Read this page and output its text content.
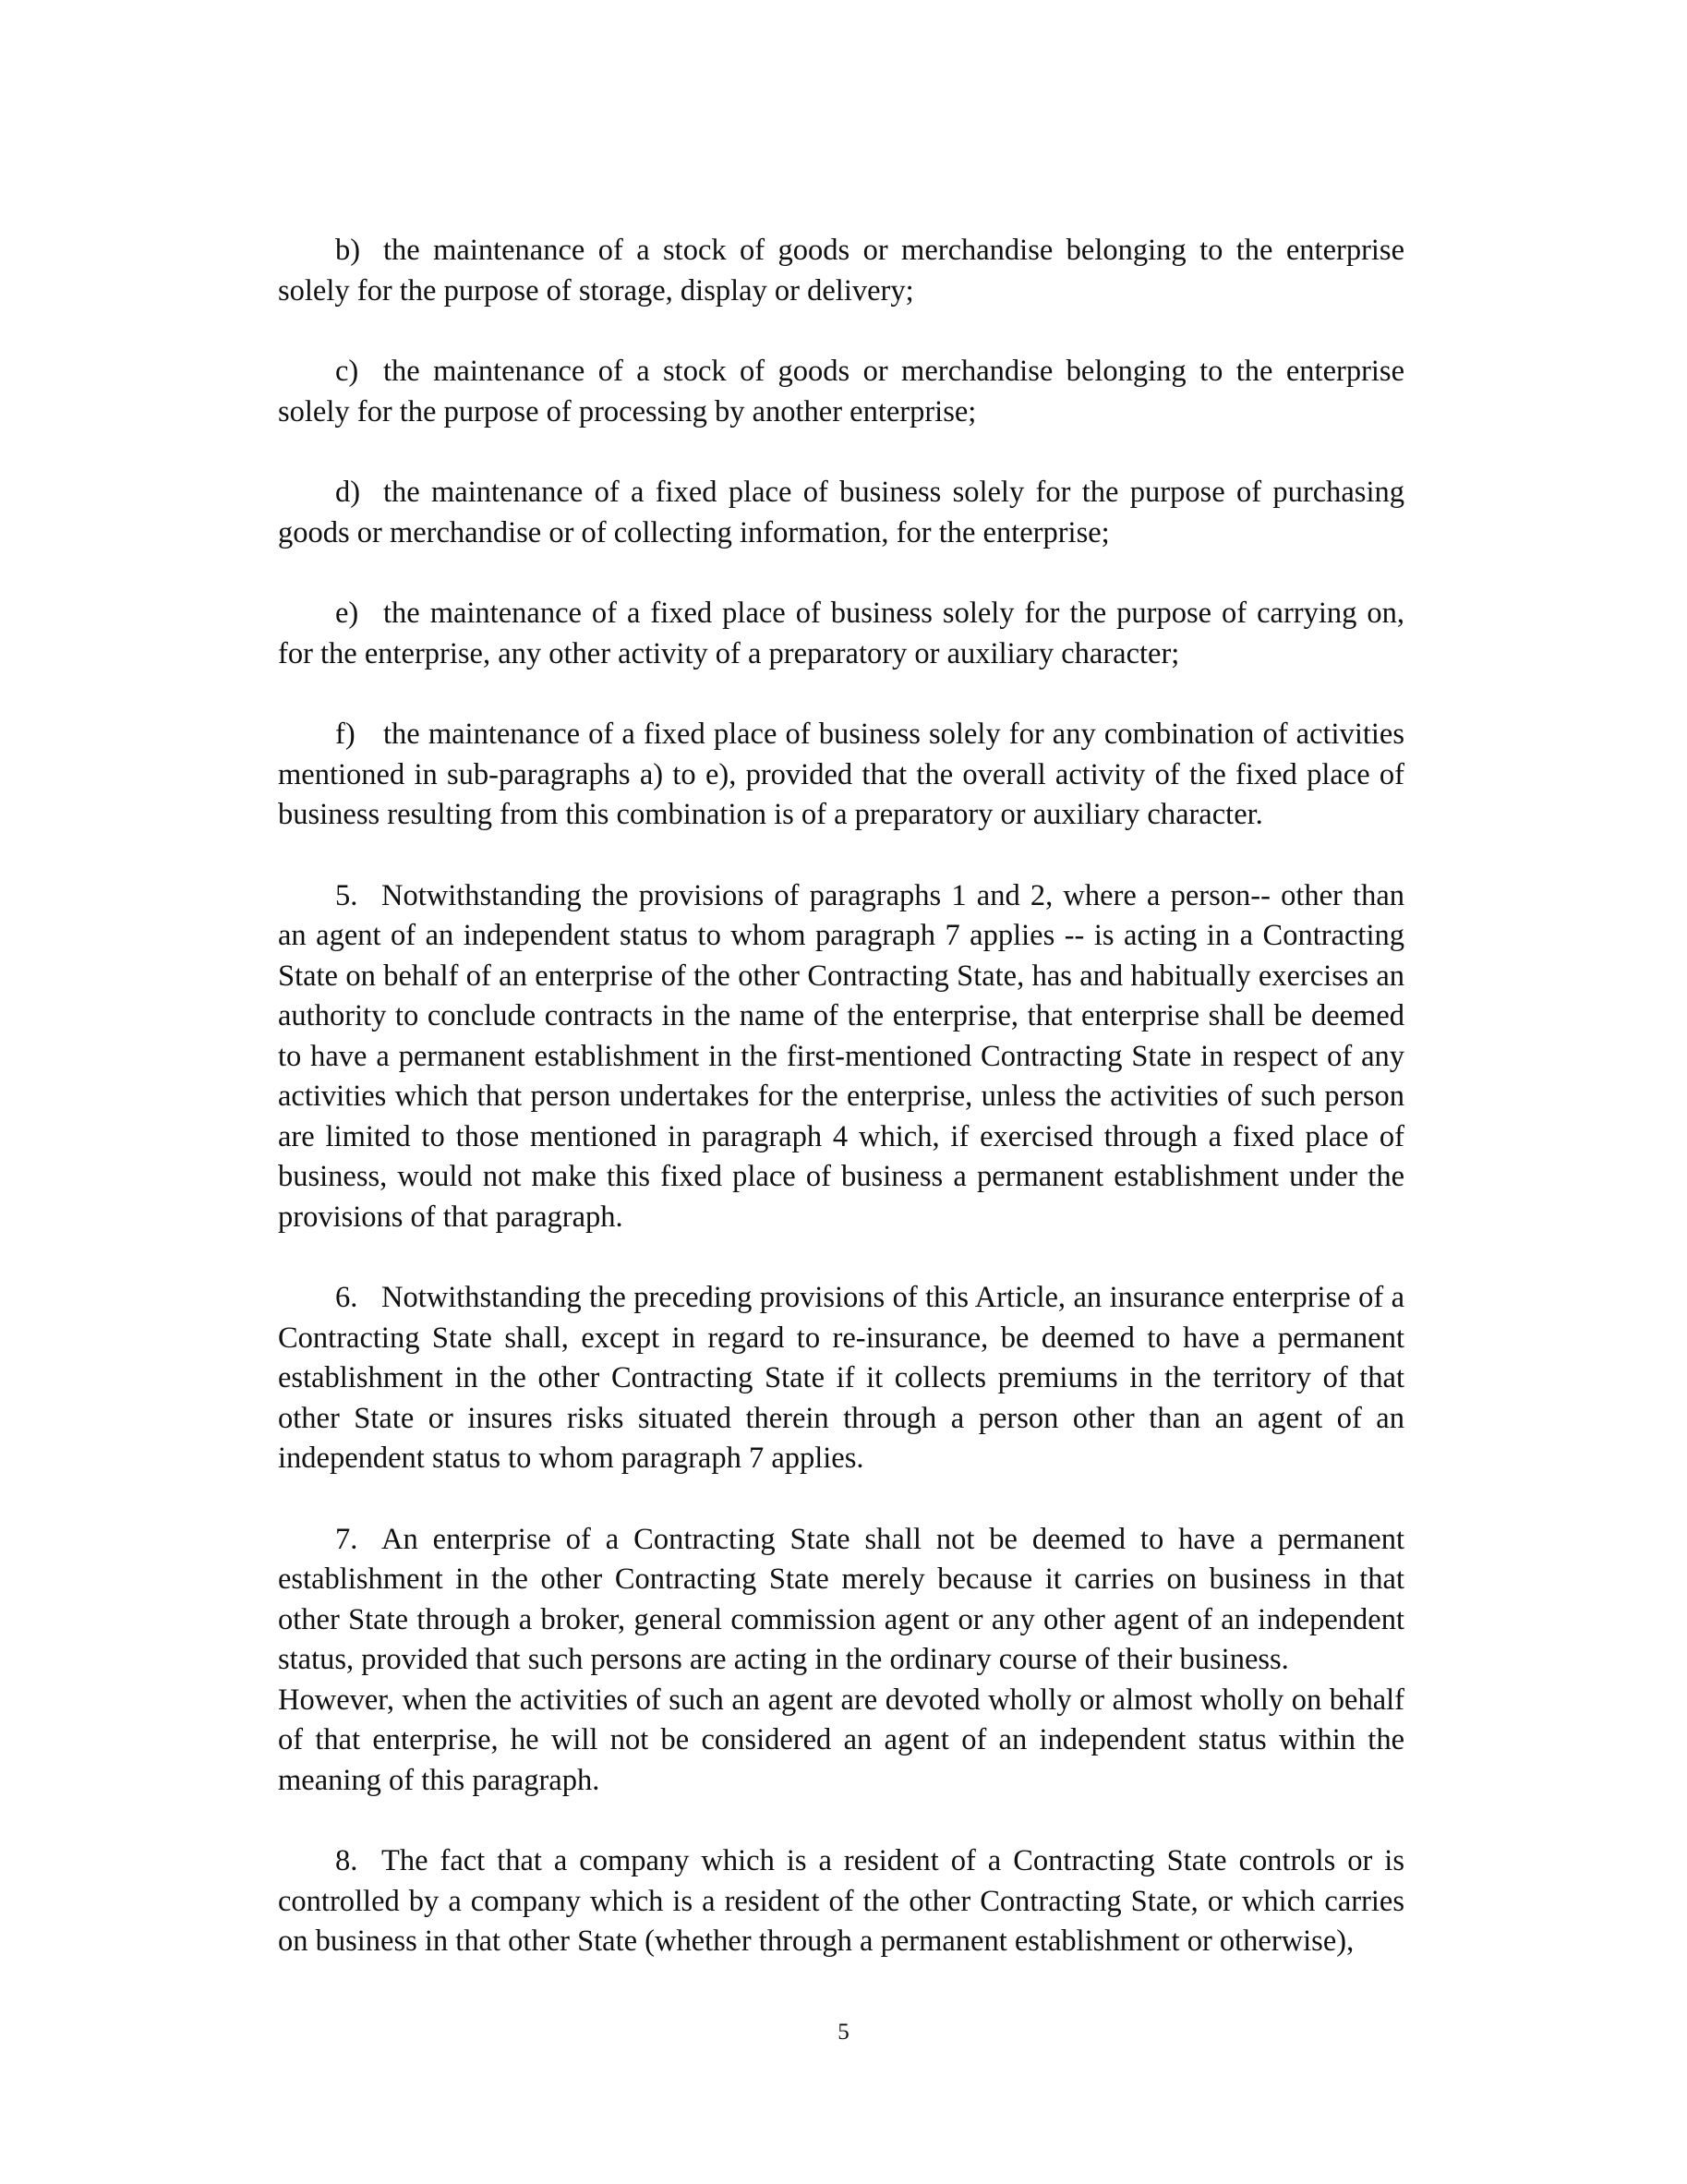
b) the maintenance of a stock of goods or merchandise belonging to the enterprise solely for the purpose of storage, display or delivery;

c) the maintenance of a stock of goods or merchandise belonging to the enterprise solely for the purpose of processing by another enterprise;

d) the maintenance of a fixed place of business solely for the purpose of purchasing goods or merchandise or of collecting information, for the enterprise;

e) the maintenance of a fixed place of business solely for the purpose of carrying on, for the enterprise, any other activity of a preparatory or auxiliary character;

f) the maintenance of a fixed place of business solely for any combination of activities mentioned in sub-paragraphs a) to e), provided that the overall activity of the fixed place of business resulting from this combination is of a preparatory or auxiliary character.

5. Notwithstanding the provisions of paragraphs 1 and 2, where a person-- other than an agent of an independent status to whom paragraph 7 applies -- is acting in a Contracting State on behalf of an enterprise of the other Contracting State, has and habitually exercises an authority to conclude contracts in the name of the enterprise, that enterprise shall be deemed to have a permanent establishment in the first-mentioned Contracting State in respect of any activities which that person undertakes for the enterprise, unless the activities of such person are limited to those mentioned in paragraph 4 which, if exercised through a fixed place of business, would not make this fixed place of business a permanent establishment under the provisions of that paragraph.

6. Notwithstanding the preceding provisions of this Article, an insurance enterprise of a Contracting State shall, except in regard to re-insurance, be deemed to have a permanent establishment in the other Contracting State if it collects premiums in the territory of that other State or insures risks situated therein through a person other than an agent of an independent status to whom paragraph 7 applies.

7. An enterprise of a Contracting State shall not be deemed to have a permanent establishment in the other Contracting State merely because it carries on business in that other State through a broker, general commission agent or any other agent of an independent status, provided that such persons are acting in the ordinary course of their business.
However, when the activities of such an agent are devoted wholly or almost wholly on behalf of that enterprise, he will not be considered an agent of an independent status within the meaning of this paragraph.

8. The fact that a company which is a resident of a Contracting State controls or is controlled by a company which is a resident of the other Contracting State, or which carries on business in that other State (whether through a permanent establishment or otherwise),

5
